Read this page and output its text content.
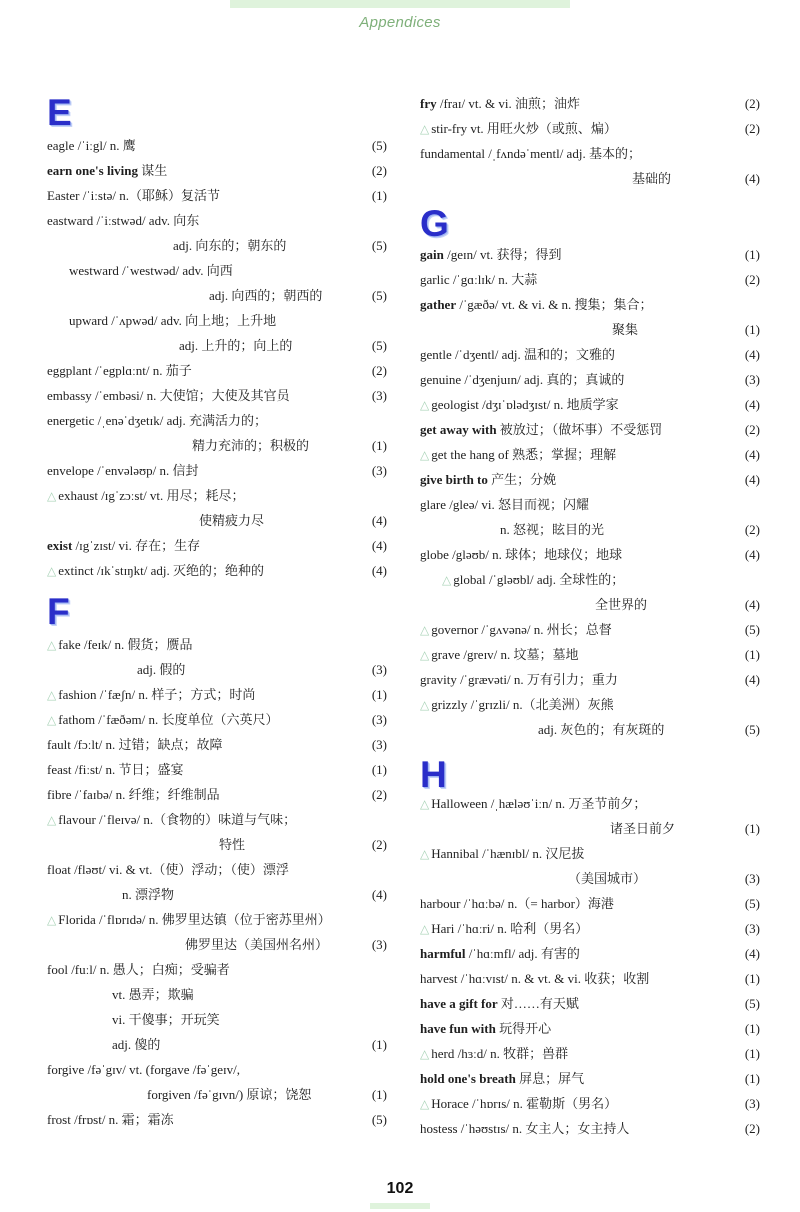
Appendices
E
eagle /ˈiːgl/ n. 鹰	(5)
earn one's living 谋生	(2)
Easter /ˈiːstə/ n.（耶稣）复活节	(1)
eastward /ˈiːstwəd/ adv. 向东
adj. 向东的；朝东的	(5)
westward /ˈwestwəd/ adv. 向西
adj. 向西的；朝西的	(5)
upward /ˈʌpwəd/ adv. 向上地；上升地
adj. 上升的；向上的	(5)
eggplant /ˈegplɑːnt/ n. 茄子	(2)
embassy /ˈembəsi/ n. 大使馆；大使及其官员	(3)
energetic /ˌenəˈdʒetɪk/ adj. 充满活力的；
精力充沛的；积极的	(1)
envelope /ˈenvələʊp/ n. 信封	(3)
△ exhaust /ɪgˈzɔːst/ vt. 用尽；耗尽；
使精疲力尽	(4)
exist /ɪgˈzɪst/ vi. 存在；生存	(4)
△ extinct /ɪkˈstɪŋkt/ adj. 灭绝的；绝种的	(4)
F
△ fake /feɪk/ n. 假货；赝品
adj. 假的	(3)
△ fashion /ˈfæʃn/ n. 样子；方式；时尚	(1)
△ fathom /ˈfæðəm/ n. 长度单位（六英尺）	(3)
fault /fɔːlt/ n. 过错；缺点；故障	(3)
feast /fiːst/ n. 节日；盛宴	(1)
fibre /ˈfaɪbə/ n. 纤维；纤维制品	(2)
△ flavour /ˈfleɪvə/ n.（食物的）味道与气味；
特性	(2)
float /fləʊt/ vi. & vt.（使）浮动；（使）漂浮
n. 漂浮物	(4)
△ Florida /ˈflɒrɪdə/ n. 佛罗里达镇（位于密苏里州）
佛罗里达（美国州名州）	(3)
fool /fuːl/ n. 愚人；白痴；受骗者
vt. 愚弄；欺骗
vi. 干傻事；开玩笑
adj. 傻的	(1)
forgive /fəˈgɪv/ vt. (forgave /fəˈgeɪv/,
forgiven /fəˈgɪvn/) 原谅；饶恕	(1)
frost /frɒst/ n. 霜；霜冻	(5)
fry /fraɪ/ vt. & vi. 油煎；油炸	(2)
△ stir-fry vt. 用旺火炒（或煎、煸）	(2)
fundamental /ˌfʌndəˈmentl/ adj. 基本的；
基础的	(4)
G
gain /geɪn/ vt. 获得；得到	(1)
garlic /ˈgɑːlɪk/ n. 大蒜	(2)
gather /ˈgæðə/ vt. & vi. & n. 搜集；集合；
聚集	(1)
gentle /ˈdʒentl/ adj. 温和的；文雅的	(4)
genuine /ˈdʒenjuɪn/ adj. 真的；真诚的	(3)
△ geologist /dʒɪˈɒlədʒɪst/ n. 地质学家	(4)
get away with 被放过；（做坏事）不受惩罚	(2)
△ get the hang of 熟悉；掌握；理解	(4)
give birth to 产生；分娩	(4)
glare /gleə/ vi. 怒目而视；闪耀
n. 怒视；眩目的光	(2)
globe /gləʊb/ n. 球体；地球仪；地球	(4)
△ global /ˈgləʊbl/ adj. 全球性的；
全世界的	(4)
△ governor /ˈgʌvənə/ n. 州长；总督	(5)
△ grave /greɪv/ n. 坟墓；墓地	(1)
gravity /ˈgrævəti/ n. 万有引力；重力	(4)
△ grizzly /ˈgrɪzli/ n.（北美洲）灰熊
adj. 灰色的；有灰斑的	(5)
H
△ Halloween /ˌhæləʊˈiːn/ n. 万圣节前夕；
诸圣日前夕	(1)
△ Hannibal /ˈhænɪbl/ n. 汉尼拔
（美国城市）	(3)
harbour /ˈhɑːbə/ n.（= harbor）海港	(5)
△ Hari /ˈhɑːri/ n. 哈利（男名）	(3)
harmful /ˈhɑːmfl/ adj. 有害的	(4)
harvest /ˈhɑːvɪst/ n. & vt. & vi. 收获；收割	(1)
have a gift for 对……有天赋	(5)
have fun with 玩得开心	(1)
△ herd /hɜːd/ n. 牧群；兽群	(1)
hold one's breath 屏息；屏气	(1)
△ Horace /ˈhɒrɪs/ n. 霍勒斯（男名）	(3)
hostess /ˈhəʊstɪs/ n. 女主人；女主持人	(2)
102
